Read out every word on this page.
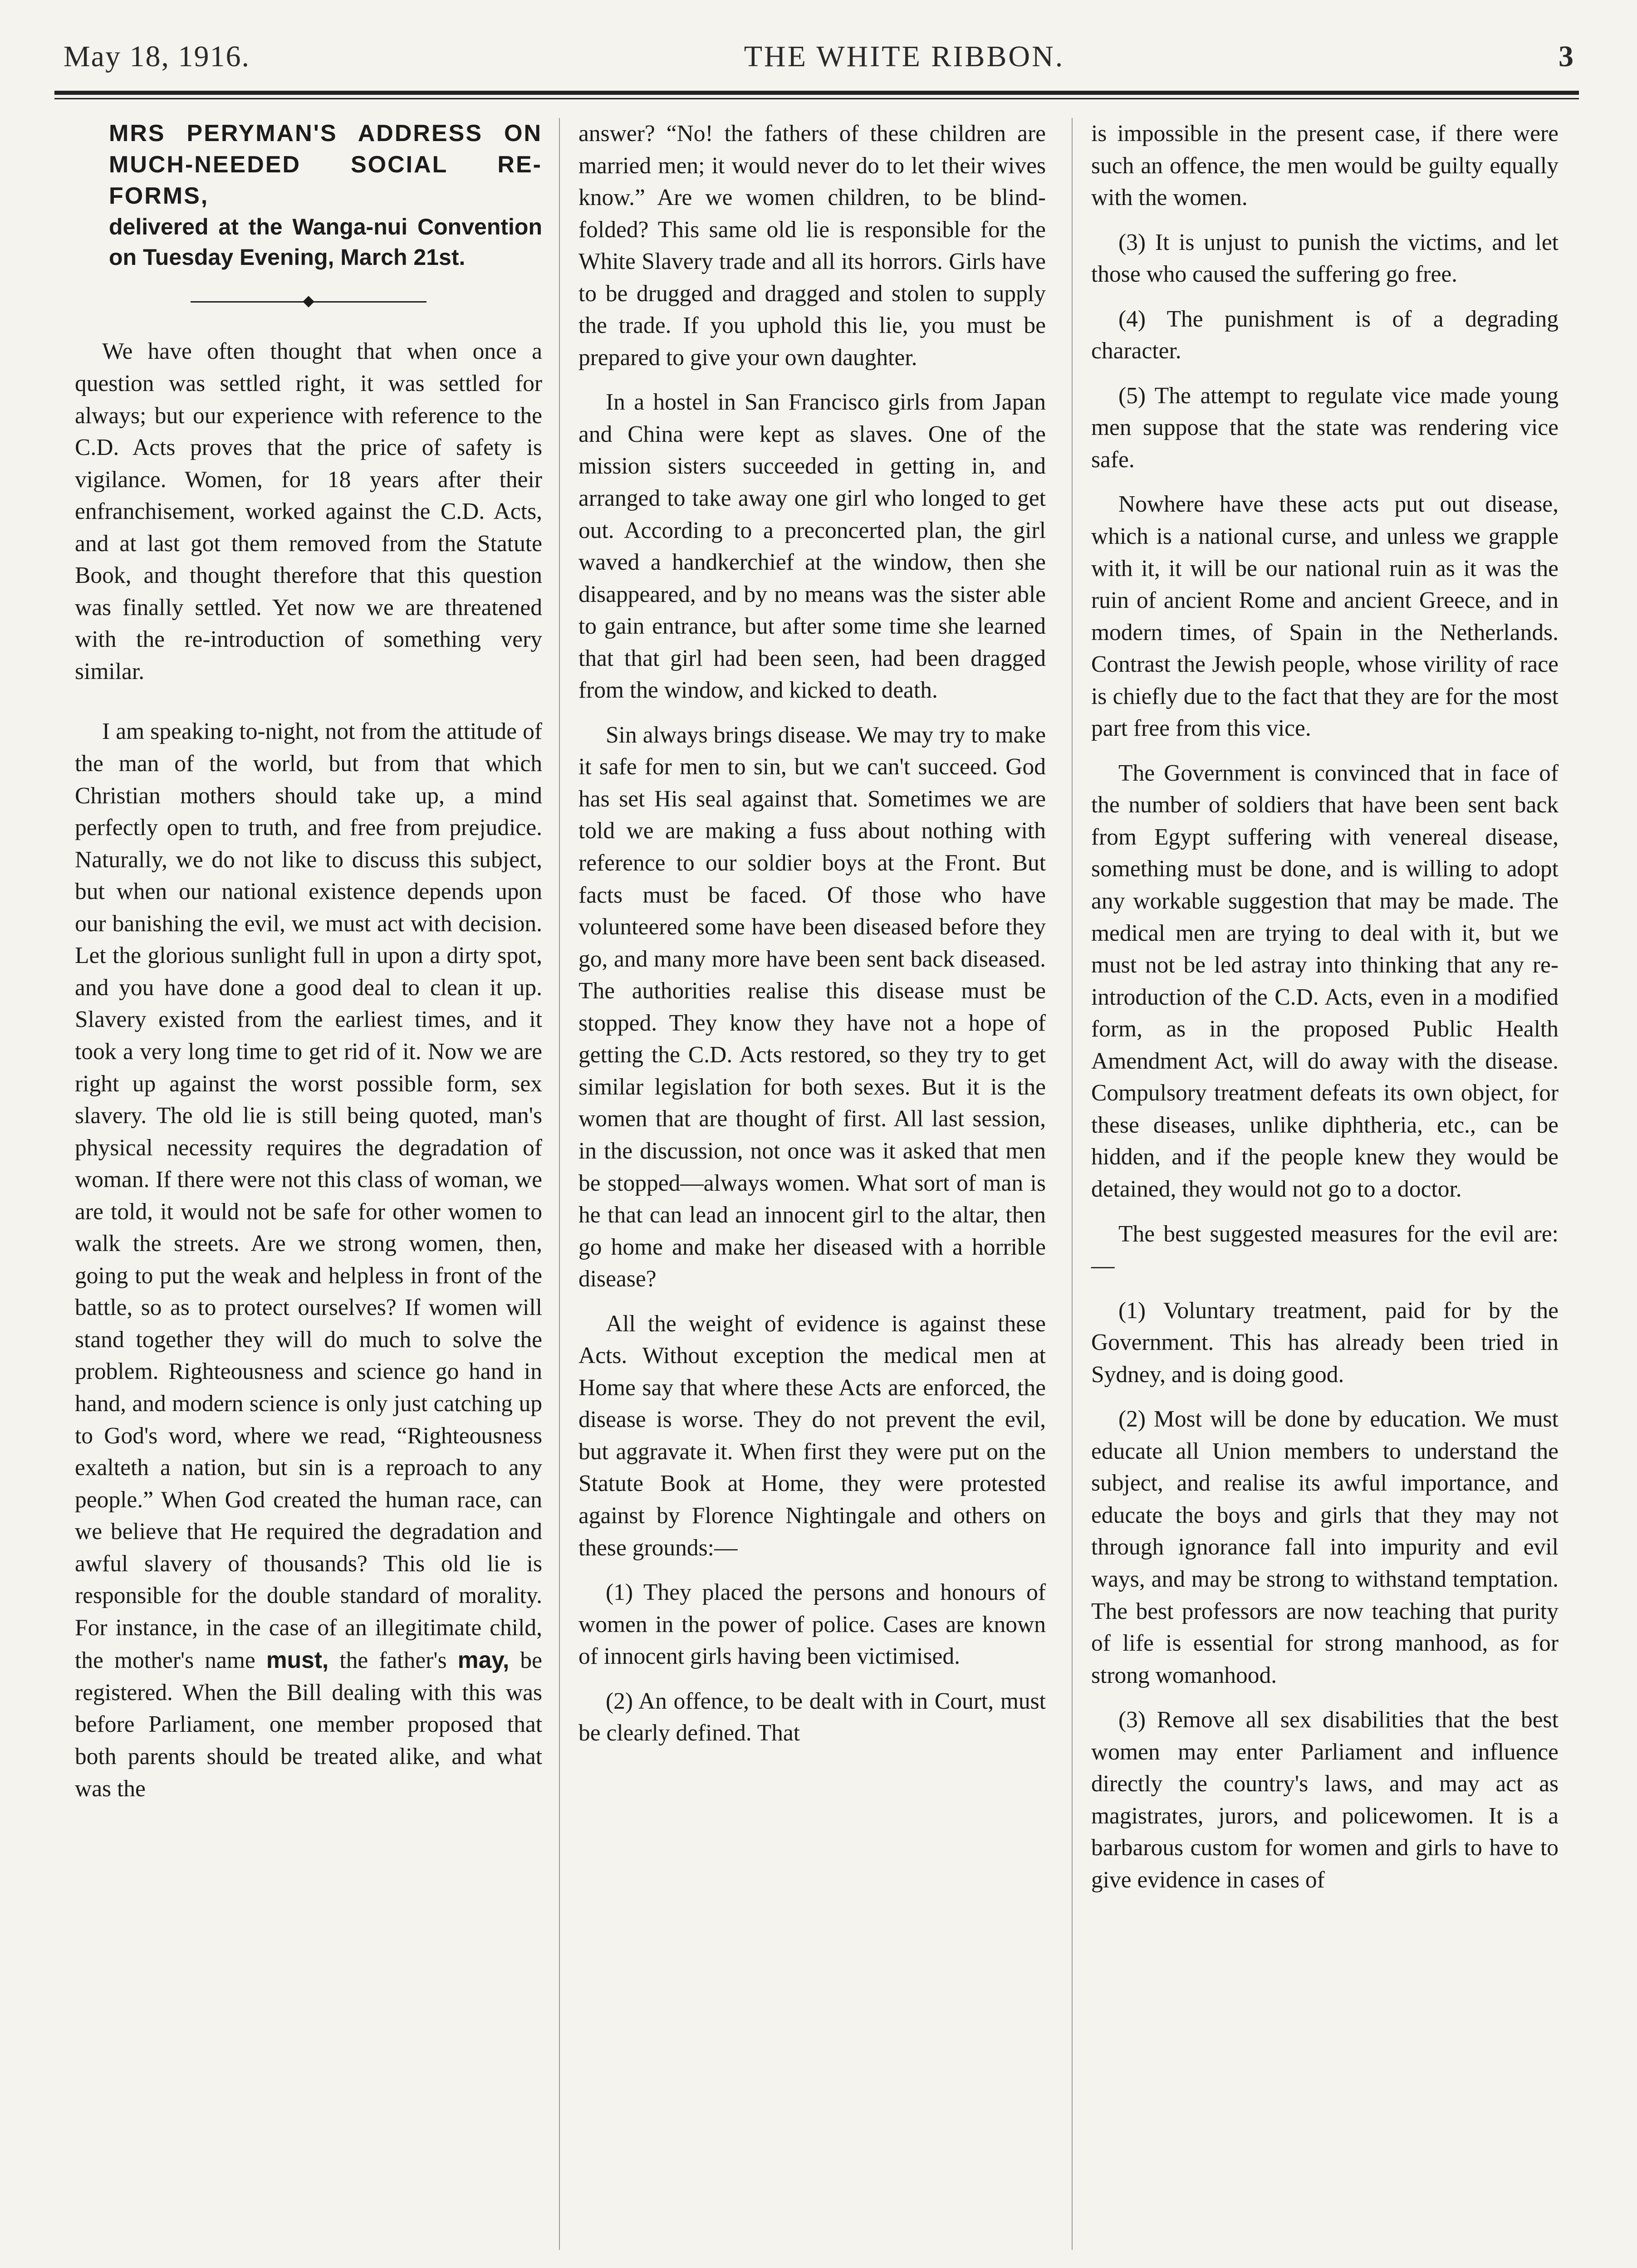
May 18, 1916.	THE WHITE RIBBON.	3
MRS PERYMAN'S ADDRESS ON MUCH-NEEDED SOCIAL RE-FORMS,
delivered at the Wanga-nui Convention on Tuesday Evening, March 21st.

We have often thought that when once a question was settled right, it was settled for always; but our experience with reference to the C.D. Acts proves that the price of safety is vigilance. Women, for 18 years after their enfranchisement, worked against the C.D. Acts, and at last got them removed from the Statute Book, and thought therefore that this question was finally settled. Yet now we are threatened with the re-introduction of something very similar.

I am speaking to-night, not from the attitude of the man of the world, but from that which Christian mothers should take up, a mind perfectly open to truth, and free from prejudice. Naturally, we do not like to discuss this subject, but when our national existence depends upon our banishing the evil, we must act with decision. Let the glorious sunlight full in upon a dirty spot, and you have done a good deal to clean it up. Slavery existed from the earliest times, and it took a very long time to get rid of it. Now we are right up against the worst possible form, sex slavery. The old lie is still being quoted, man's physical necessity requires the degradation of woman. If there were not this class of woman, we are told, it would not be safe for other women to walk the streets. Are we strong women, then, going to put the weak and helpless in front of the battle, so as to protect ourselves? If women will stand together they will do much to solve the problem. Righteousness and science go hand in hand, and modern science is only just catching up to God's word, where we read, “Righteousness exalteth a nation, but sin is a reproach to any people.” When God created the human race, can we believe that He required the degradation and awful slavery of thousands? This old lie is responsible for the double standard of morality. For instance, in the case of an illegitimate child, the mother's name must, the father's may, be registered. When the Bill dealing with this was before Parliament, one member proposed that both parents should be treated alike, and what was the

answer? “No! the fathers of these children are married men; it would never do to let their wives know.” Are we women children, to be blind-folded? This same old lie is responsible for the White Slavery trade and all its horrors. Girls have to be drugged and dragged and stolen to supply the trade. If you uphold this lie, you must be prepared to give your own daughter.

In a hostel in San Francisco girls from Japan and China were kept as slaves. One of the mission sisters succeeded in getting in, and arranged to take away one girl who longed to get out. According to a preconcerted plan, the girl waved a handkerchief at the window, then she disappeared, and by no means was the sister able to gain entrance, but after some time she learned that that girl had been seen, had been dragged from the window, and kicked to death.

Sin always brings disease. We may try to make it safe for men to sin, but we can't succeed. God has set His seal against that. Sometimes we are told we are making a fuss about nothing with reference to our soldier boys at the Front. But facts must be faced. Of those who have volunteered some have been diseased before they go, and many more have been sent back diseased. The authorities realise this disease must be stopped. They know they have not a hope of getting the C.D. Acts restored, so they try to get similar legislation for both sexes. But it is the women that are thought of first. All last session, in the discussion, not once was it asked that men be stopped—always women. What sort of man is he that can lead an innocent girl to the altar, then go home and make her diseased with a horrible disease?

All the weight of evidence is against these Acts. Without exception the medical men at Home say that where these Acts are enforced, the disease is worse. They do not prevent the evil, but aggravate it. When first they were put on the Statute Book at Home, they were protested against by Florence Nightingale and others on these grounds:—

(1) They placed the persons and honours of women in the power of police. Cases are known of innocent girls having been victimised.

(2) An offence, to be dealt with in Court, must be clearly defined. That

is impossible in the present case, if there were such an offence, the men would be guilty equally with the women.

(3) It is unjust to punish the victims, and let those who caused the suffering go free.

(4) The punishment is of a degrading character.

(5) The attempt to regulate vice made young men suppose that the state was rendering vice safe.

Nowhere have these acts put out disease, which is a national curse, and unless we grapple with it, it will be our national ruin as it was the ruin of ancient Rome and ancient Greece, and in modern times, of Spain in the Netherlands. Contrast the Jewish people, whose virility of race is chiefly due to the fact that they are for the most part free from this vice.

The Government is convinced that in face of the number of soldiers that have been sent back from Egypt suffering with venereal disease, something must be done, and is willing to adopt any workable suggestion that may be made. The medical men are trying to deal with it, but we must not be led astray into thinking that any re-introduction of the C.D. Acts, even in a modified form, as in the proposed Public Health Amendment Act, will do away with the disease. Compulsory treatment defeats its own object, for these diseases, unlike diphtheria, etc., can be hidden, and if the people knew they would be detained, they would not go to a doctor.

The best suggested measures for the evil are:—

(1) Voluntary treatment, paid for by the Government. This has already been tried in Sydney, and is doing good.

(2) Most will be done by education. We must educate all Union members to understand the subject, and realise its awful importance, and educate the boys and girls that they may not through ignorance fall into impurity and evil ways, and may be strong to withstand temptation. The best professors are now teaching that purity of life is essential for strong manhood, as for strong womanhood.

(3) Remove all sex disabilities that the best women may enter Parliament and influence directly the country's laws, and may act as magistrates, jurors, and policewomen. It is a barbarous custom for women and girls to have to give evidence in cases of
